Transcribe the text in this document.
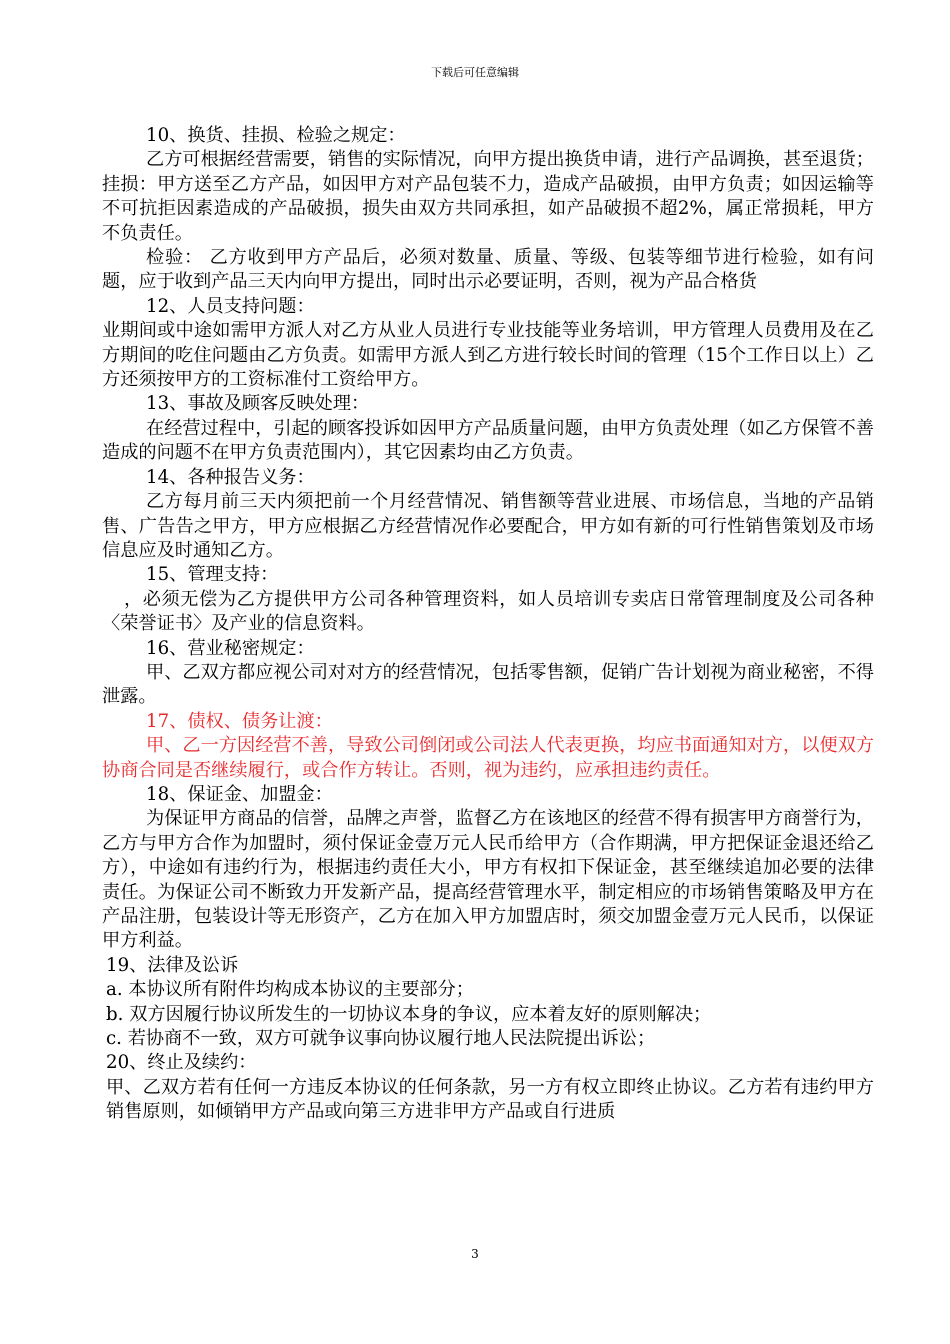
下载后可任意编辑

10、换货、挂损、检验之规定：

乙方可根据经营需要，销售的实际情况，向甲方提出换货申请，进行产品调换，甚至退货；挂损：甲方送至乙方产品，如因甲方对产品包装不力，造成产品破损，由甲方负责；如因运输等不可抗拒因素造成的产品破损，损失由双方共同承担，如产品破损不超2%，属正常损耗，甲方不负责任。

检验： 乙方收到甲方产品后，必须对数量、质量、等级、包装等细节进行检验，如有问题，应于收到产品三天内向甲方提出，同时出示必要证明，否则，视为产品合格货

12、人员支持问题：

业期间或中途如需甲方派人对乙方从业人员进行专业技能等业务培训，甲方管理人员费用及在乙方期间的吃住问题由乙方负责。如需甲方派人到乙方进行较长时间的管理（15个工作日以上）乙方还须按甲方的工资标准付工资给甲方。

13、事故及顾客反映处理：

在经营过程中，引起的顾客投诉如因甲方产品质量问题，由甲方负责处理（如乙方保管不善造成的问题不在甲方负责范围内），其它因素均由乙方负责。

14、各种报告义务：

乙方每月前三天内须把前一个月经营情况、销售额等营业进展、市场信息，当地的产品销售、广告告之甲方，甲方应根据乙方经营情况作必要配合，甲方如有新的可行性销售策划及市场信息应及时通知乙方。

15、管理支持：

，必须无偿为乙方提供甲方公司各种管理资料，如人员培训专卖店日常管理制度及公司各种〈荣誉证书〉及产业的信息资料。

16、营业秘密规定：

甲、乙双方都应视公司对对方的经营情况，包括零售额，促销广告计划视为商业秘密，不得泄露。

17、债权、债务让渡：

甲、乙一方因经营不善，导致公司倒闭或公司法人代表更换，均应书面通知对方，以便双方协商合同是否继续履行，或合作方转让。否则，视为违约，应承担违约责任。

18、保证金、加盟金：

为保证甲方商品的信誉，品牌之声誉，监督乙方在该地区的经营不得有损害甲方商誉行为，乙方与甲方合作为加盟时，须付保证金壹万元人民币给甲方（合作期满，甲方把保证金退还给乙方），中途如有违约行为，根据违约责任大小，甲方有权扣下保证金，甚至继续追加必要的法律责任。为保证公司不断致力开发新产品，提高经营管理水平，制定相应的市场销售策略及甲方在产品注册，包装设计等无形资产，乙方在加入甲方加盟店时，须交加盟金壹万元人民币，以保证甲方利益。

19、法律及讼诉

a. 本协议所有附件均构成本协议的主要部分；

b. 双方因履行协议所发生的一切协议本身的争议，应本着友好的原则解决；

c. 若协商不一致，双方可就争议事向协议履行地人民法院提出诉讼；

20、终止及续约：

甲、乙双方若有任何一方违反本协议的任何条款，另一方有权立即终止协议。乙方若有违约甲方销售原则，如倾销甲方产品或向第三方进非甲方产品或自行进质

3
